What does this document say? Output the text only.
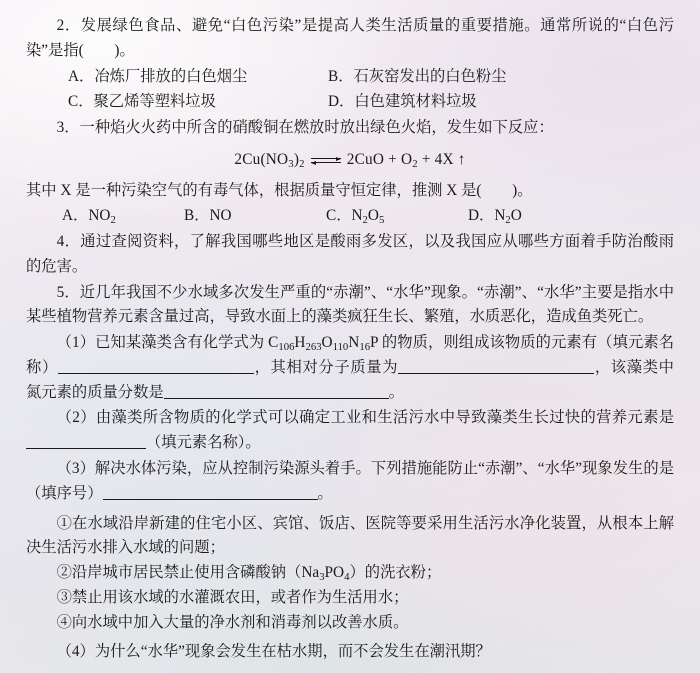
2．发展绿色食品、避免“白色污染”是提高人类生活质量的重要措施。通常所说的“白色污染”是指(　　)。
A．冶炼厂排放的白色烟尘	B．石灰窑发出的白色粉尘
C．聚乙烯等塑料垃圾	D．白色建筑材料垃圾
3．一种焰火火药中所含的硝酸铜在燃放时放出绿色火焰，发生如下反应：
$2Cu(NO_3)_2$ ⇌ $2CuO + O_2 + 4X$ ↑
其中 X 是一种污染空气的有毒气体，根据质量守恒定律，推测 X 是(　　)。
A．$NO_2$	B．NO	C．$N_2O_5$	D．$N_2O$
4．通过查阅资料，了解我国哪些地区是酸雨多发区，以及我国应从哪些方面着手防治酸雨的危害。
5．近几年我国不少水域多次发生严重的“赤潮”、“水华”现象。“赤潮”、“水华”主要是指水中某些植物营养元素含量过高，导致水面上的藻类疯狂生长、繁殖，水质恶化，造成鱼类死亡。
（1）已知某藻类含有化学式为 $C_{106}H_{263}O_{110}N_{16}P$ 的物质，则组成该物质的元素有（填元素名称）	，其相对分子质量为	，该藻类中氮元素的质量分数是	。
（2）由藻类所含物质的化学式可以确定工业和生活污水中导致藻类生长过快的营养元素是（填元素名称）。
（3）解决水体污染，应从控制污染源头着手。下列措施能防止“赤潮”、“水华”现象发生的是（填序号）	。
①在水域沿岸新建的住宅小区、宾馆、饭店、医院等要采用生活污水净化装置，从根本上解决生活污水排入水域的问题；
②沿岸城市居民禁止使用含磷酸钠$(Na_3PO_4)$的洗衣粉；
③禁止用该水域的水灌溉农田，或者作为生活用水；
④向水域中加入大量的净水剂和消毒剂以改善水质。
（4）为什么“水华”现象会发生在枯水期，而不会发生在潮汛期？
